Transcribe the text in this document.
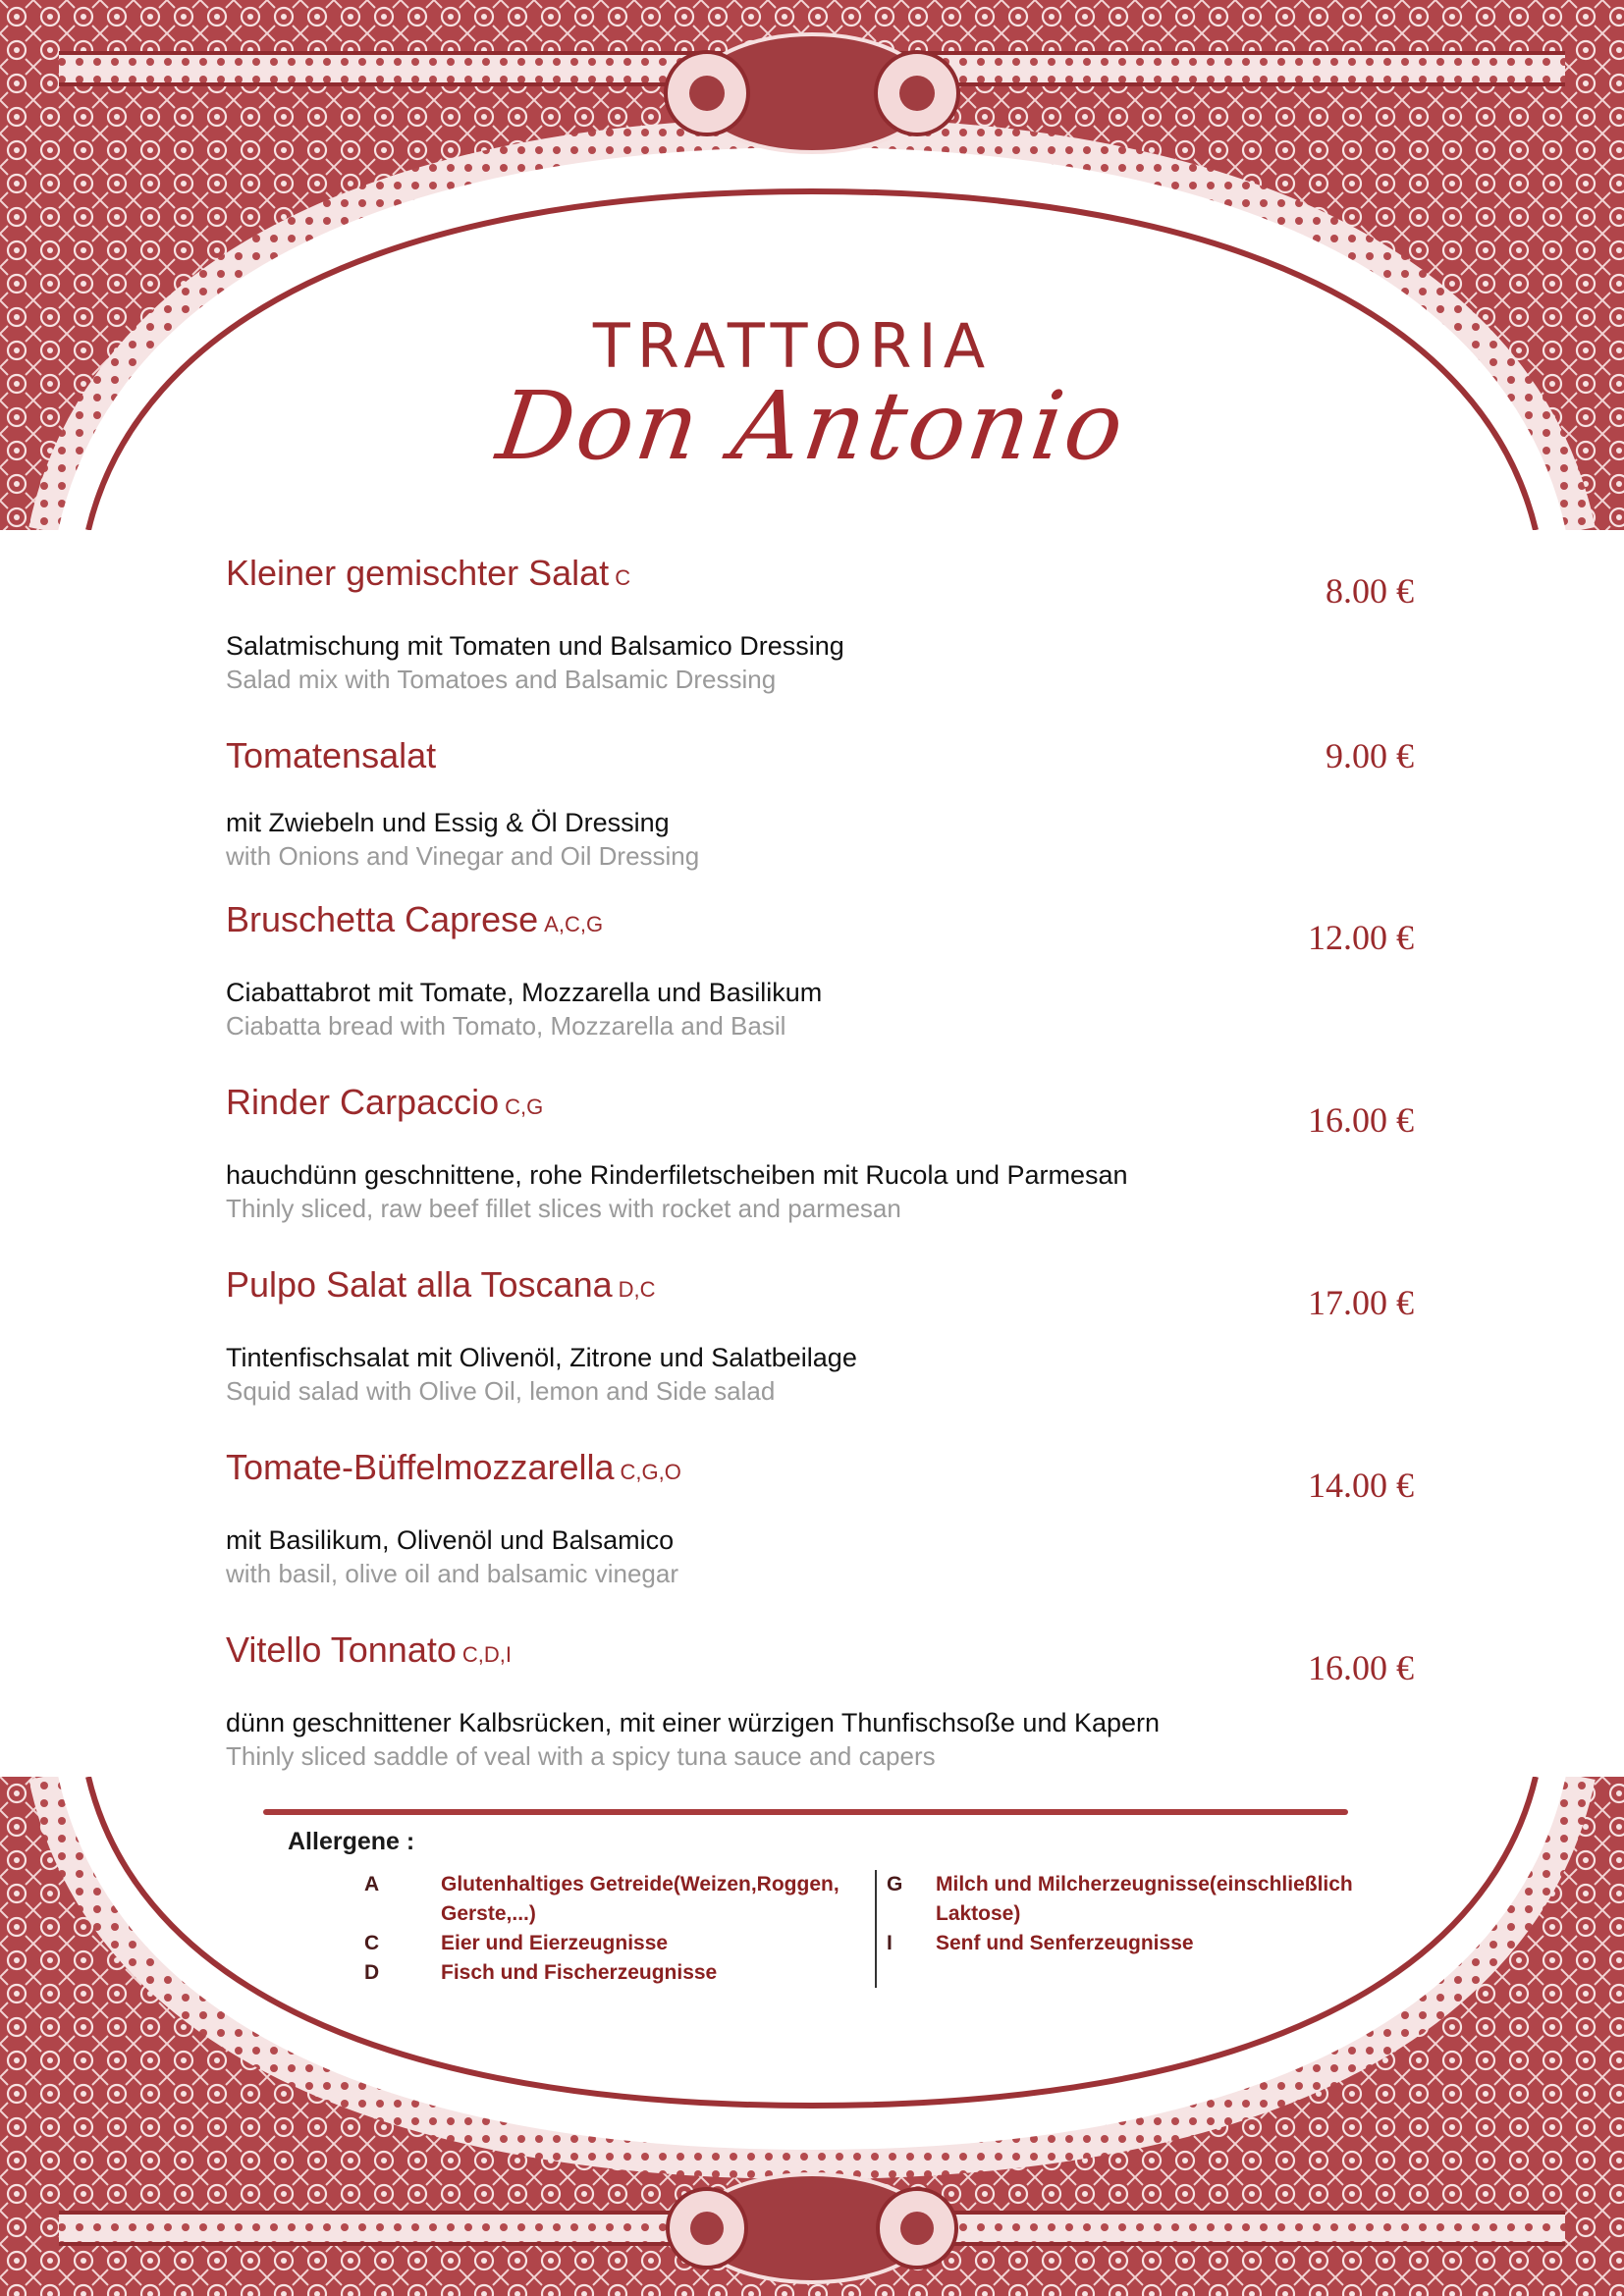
TRATTORIA
Don Antonio
Kleiner gemischter Salat C	8.00 €
Salatmischung mit Tomaten und Balsamico Dressing
Salad mix with Tomatoes and Balsamic Dressing
Tomatensalat	9.00 €
mit Zwiebeln und Essig & Öl Dressing
with Onions and Vinegar and Oil Dressing
Bruschetta Caprese A,C,G	12.00 €
Ciabattabrot mit Tomate, Mozzarella und Basilikum
Ciabatta bread with Tomato, Mozzarella and Basil
Rinder Carpaccio C,G	16.00 €
hauchdünn geschnittene, rohe Rinderfiletscheiben mit Rucola und Parmesan
Thinly sliced, raw beef fillet slices with rocket and parmesan
Pulpo Salat alla Toscana D,C	17.00 €
Tintenfischsalat mit Olivenöl, Zitrone und Salatbeilage
Squid salad with Olive Oil, lemon and Side salad
Tomate-Büffelmozzarella C,G,O	14.00 €
mit Basilikum, Olivenöl und Balsamico
with basil, olive oil and balsamic vinegar
Vitello Tonnato C,D,I	16.00 €
dünn geschnittener Kalbsrücken, mit einer würzigen Thunfischsoße und Kapern
Thinly sliced saddle of veal with a spicy tuna sauce and capers
Allergene :
A	Glutenhaltiges Getreide(Weizen,Roggen, Gerste,...)
C	Eier und Eierzeugnisse
D	Fisch und Fischerzeugnisse
G	Milch und Milcherzeugnisse(einschließlich Laktose)
I	Senf und Senferzeugnisse
